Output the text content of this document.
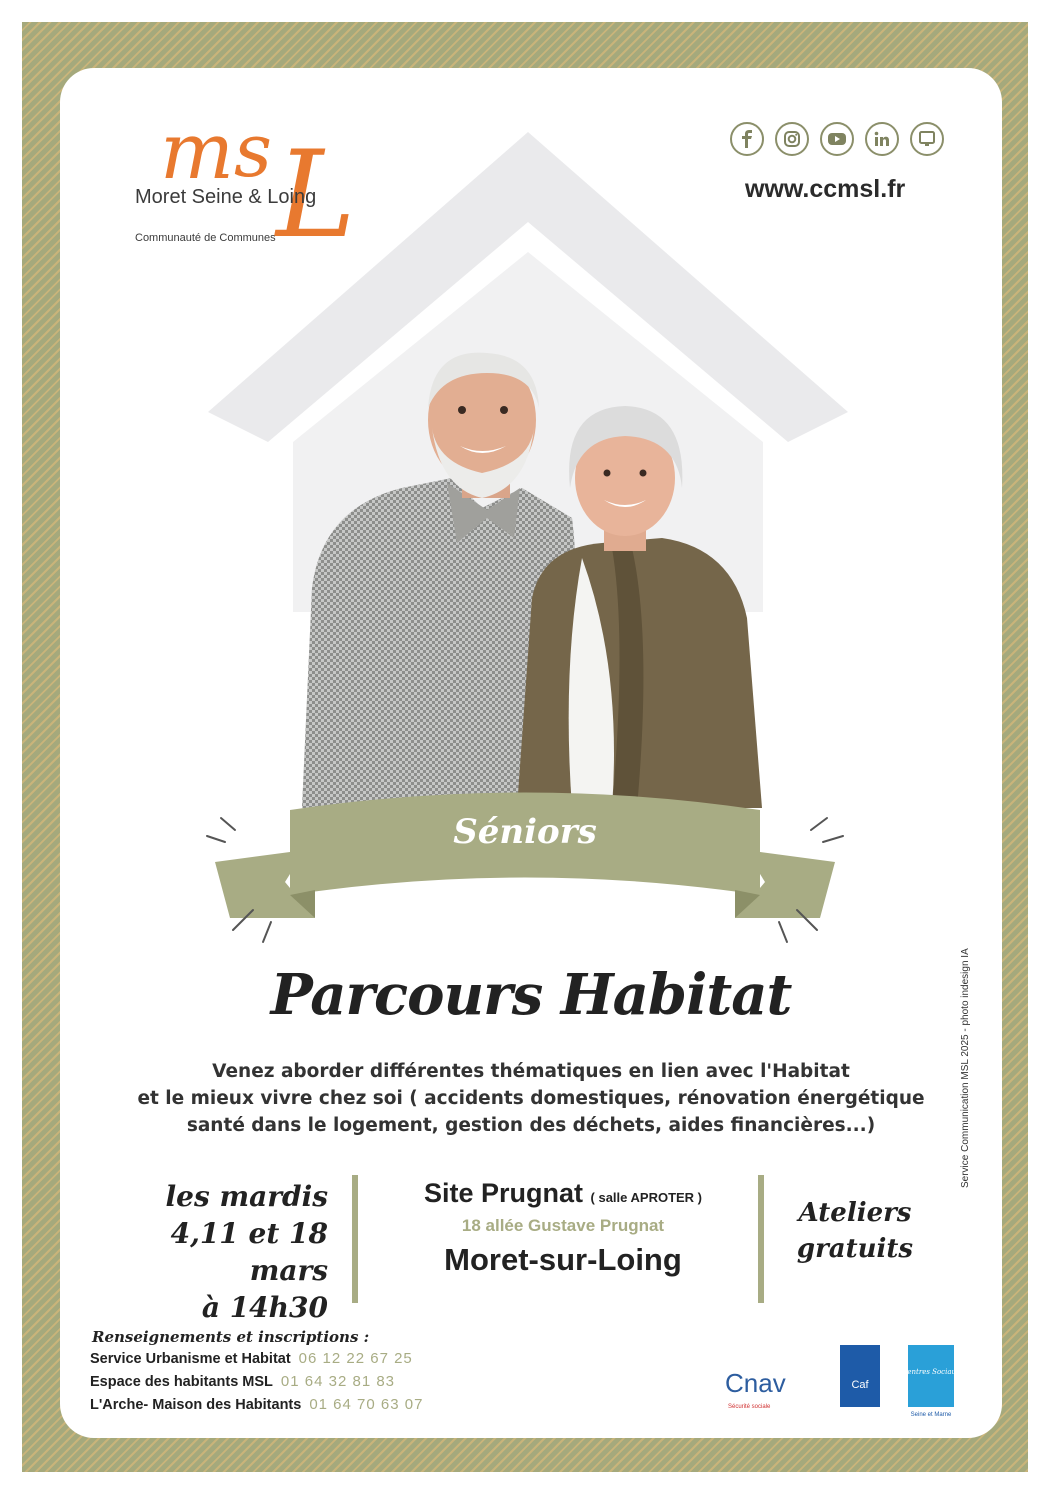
m s L
Moret Seine & Loing
Communauté de Communes
www.ccmsl.fr
Séniors
Parcours Habitat
Venez aborder différentes thématiques en lien avec l'Habitat
et le mieux vivre chez soi ( accidents domestiques, rénovation énergétique
santé dans le logement, gestion des déchets, aides financières...)
les mardis
4,11 et 18 mars
à 14h30
Site Prugnat ( salle APROTER )
18 allée Gustave Prugnat
Moret-sur-Loing
Ateliers
gratuits
Renseignements et inscriptions :
Service Urbanisme et Habitat 06 12 22 67 25
Espace des habitants MSL 01 64 32 81 83
L'Arche- Maison des Habitants 01 64 70 63 07
Cnav
Sécurité sociale
Caf
Centres Sociaux
Seine et Marne
Service Communication MSL 2025 - photo indesign IA
